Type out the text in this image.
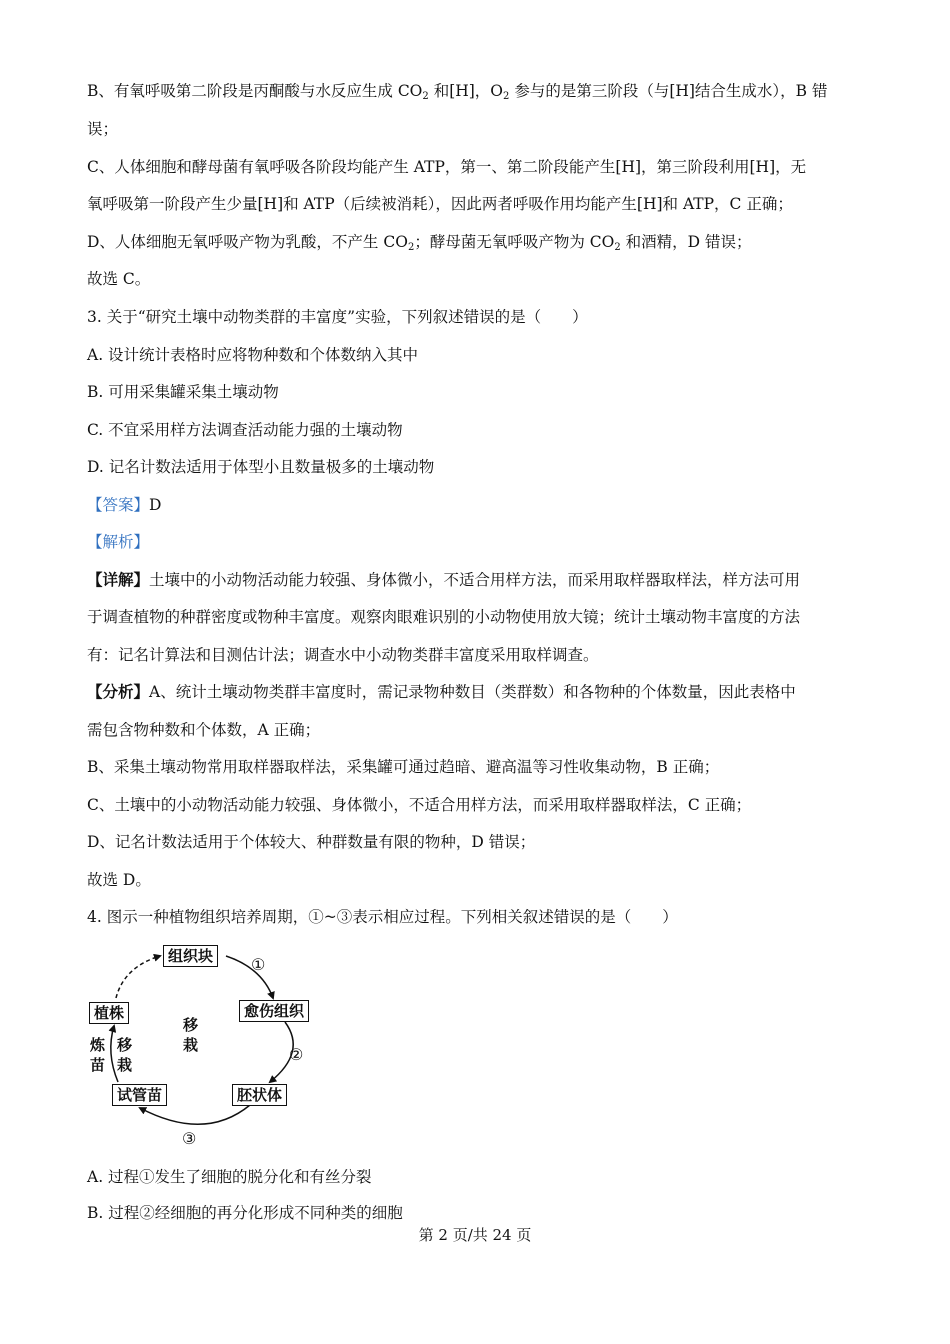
B、有氧呼吸第二阶段是丙酮酸与水反应生成 $CO_2$ 和[H]，$O_2$ 参与的是第三阶段（与[H]结合生成水），B 错
误；
C、人体细胞和酵母菌有氧呼吸各阶段均能产生 ATP，第一、第二阶段能产生[H]，第三阶段利用[H]，无
氧呼吸第一阶段产生少量[H]和 ATP（后续被消耗），因此两者呼吸作用均能产生[H]和 ATP，C 正确；
D、人体细胞无氧呼吸产物为乳酸，不产生 $CO_2$；酵母菌无氧呼吸产物为 $CO_2$ 和酒精，D 错误；
故选 C。
3. 关于“研究土壤中动物类群的丰富度”实验，下列叙述错误的是（　　）
A. 设计统计表格时应将物种数和个体数纳入其中
B. 可用采集罐采集土壤动物
C. 不宜采用样方法调查活动能力强的土壤动物
D. 记名计数法适用于体型小且数量极多的土壤动物
【答案】D
【解析】
【详解】土壤中的小动物活动能力较强、身体微小，不适合用样方法，而采用取样器取样法，样方法可用
于调查植物的种群密度或物种丰富度。观察肉眼难识别的小动物使用放大镜；统计土壤动物丰富度的方法
有：记名计算法和目测估计法；调查水中小动物类群丰富度采用取样调查。
【分析】A、统计土壤动物类群丰富度时，需记录物种数目（类群数）和各物种的个体数量，因此表格中
需包含物种数和个体数，A 正确；
B、采集土壤动物常用取样器取样法，采集罐可通过趋暗、避高温等习性收集动物，B 正确；
C、土壤中的小动物活动能力较强、身体微小，不适合用样方法，而采用取样器取样法，C 正确；
D、记名计数法适用于个体较大、种群数量有限的物种，D 错误；
故选 D。
4. 图示一种植物组织培养周期，①~③表示相应过程。下列相关叙述错误的是（　　）
组织块
愈伤组织
胚状体
试管苗
植株
①
②
③
移
栽
炼
苗
移
栽
A. 过程①发生了细胞的脱分化和有丝分裂
B. 过程②经细胞的再分化形成不同种类的细胞
第 2 页/共 24 页
